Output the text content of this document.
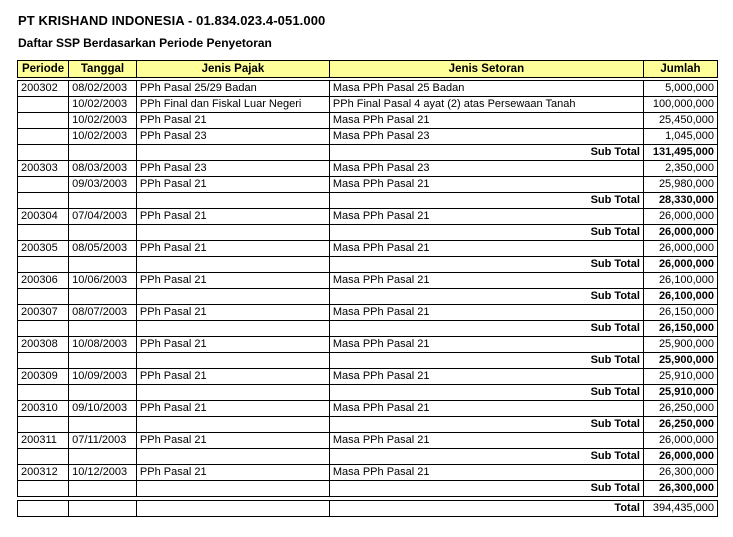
PT KRISHAND INDONESIA - 01.834.023.4-051.000
Daftar SSP Berdasarkan Periode Penyetoran
Periode	Tanggal	Jenis Pajak	Jenis Setoran	Jumlah
200302	08/02/2003	PPh Pasal 25/29 Badan	Masa PPh Pasal 25 Badan	5,000,000
	10/02/2003	PPh Final dan Fiskal Luar Negeri	PPh Final Pasal 4 ayat (2) atas Persewaan Tanah	100,000,000
	10/02/2003	PPh Pasal 21	Masa PPh Pasal 21	25,450,000
	10/02/2003	PPh Pasal 23	Masa PPh Pasal 23	1,045,000
			Sub Total	131,495,000
200303	08/03/2003	PPh Pasal 23	Masa PPh Pasal 23	2,350,000
	09/03/2003	PPh Pasal 21	Masa PPh Pasal 21	25,980,000
			Sub Total	28,330,000
200304	07/04/2003	PPh Pasal 21	Masa PPh Pasal 21	26,000,000
			Sub Total	26,000,000
200305	08/05/2003	PPh Pasal 21	Masa PPh Pasal 21	26,000,000
			Sub Total	26,000,000
200306	10/06/2003	PPh Pasal 21	Masa PPh Pasal 21	26,100,000
			Sub Total	26,100,000
200307	08/07/2003	PPh Pasal 21	Masa PPh Pasal 21	26,150,000
			Sub Total	26,150,000
200308	10/08/2003	PPh Pasal 21	Masa PPh Pasal 21	25,900,000
			Sub Total	25,900,000
200309	10/09/2003	PPh Pasal 21	Masa PPh Pasal 21	25,910,000
			Sub Total	25,910,000
200310	09/10/2003	PPh Pasal 21	Masa PPh Pasal 21	26,250,000
			Sub Total	26,250,000
200311	07/11/2003	PPh Pasal 21	Masa PPh Pasal 21	26,000,000
			Sub Total	26,000,000
200312	10/12/2003	PPh Pasal 21	Masa PPh Pasal 21	26,300,000
			Sub Total	26,300,000
			Total	394,435,000
